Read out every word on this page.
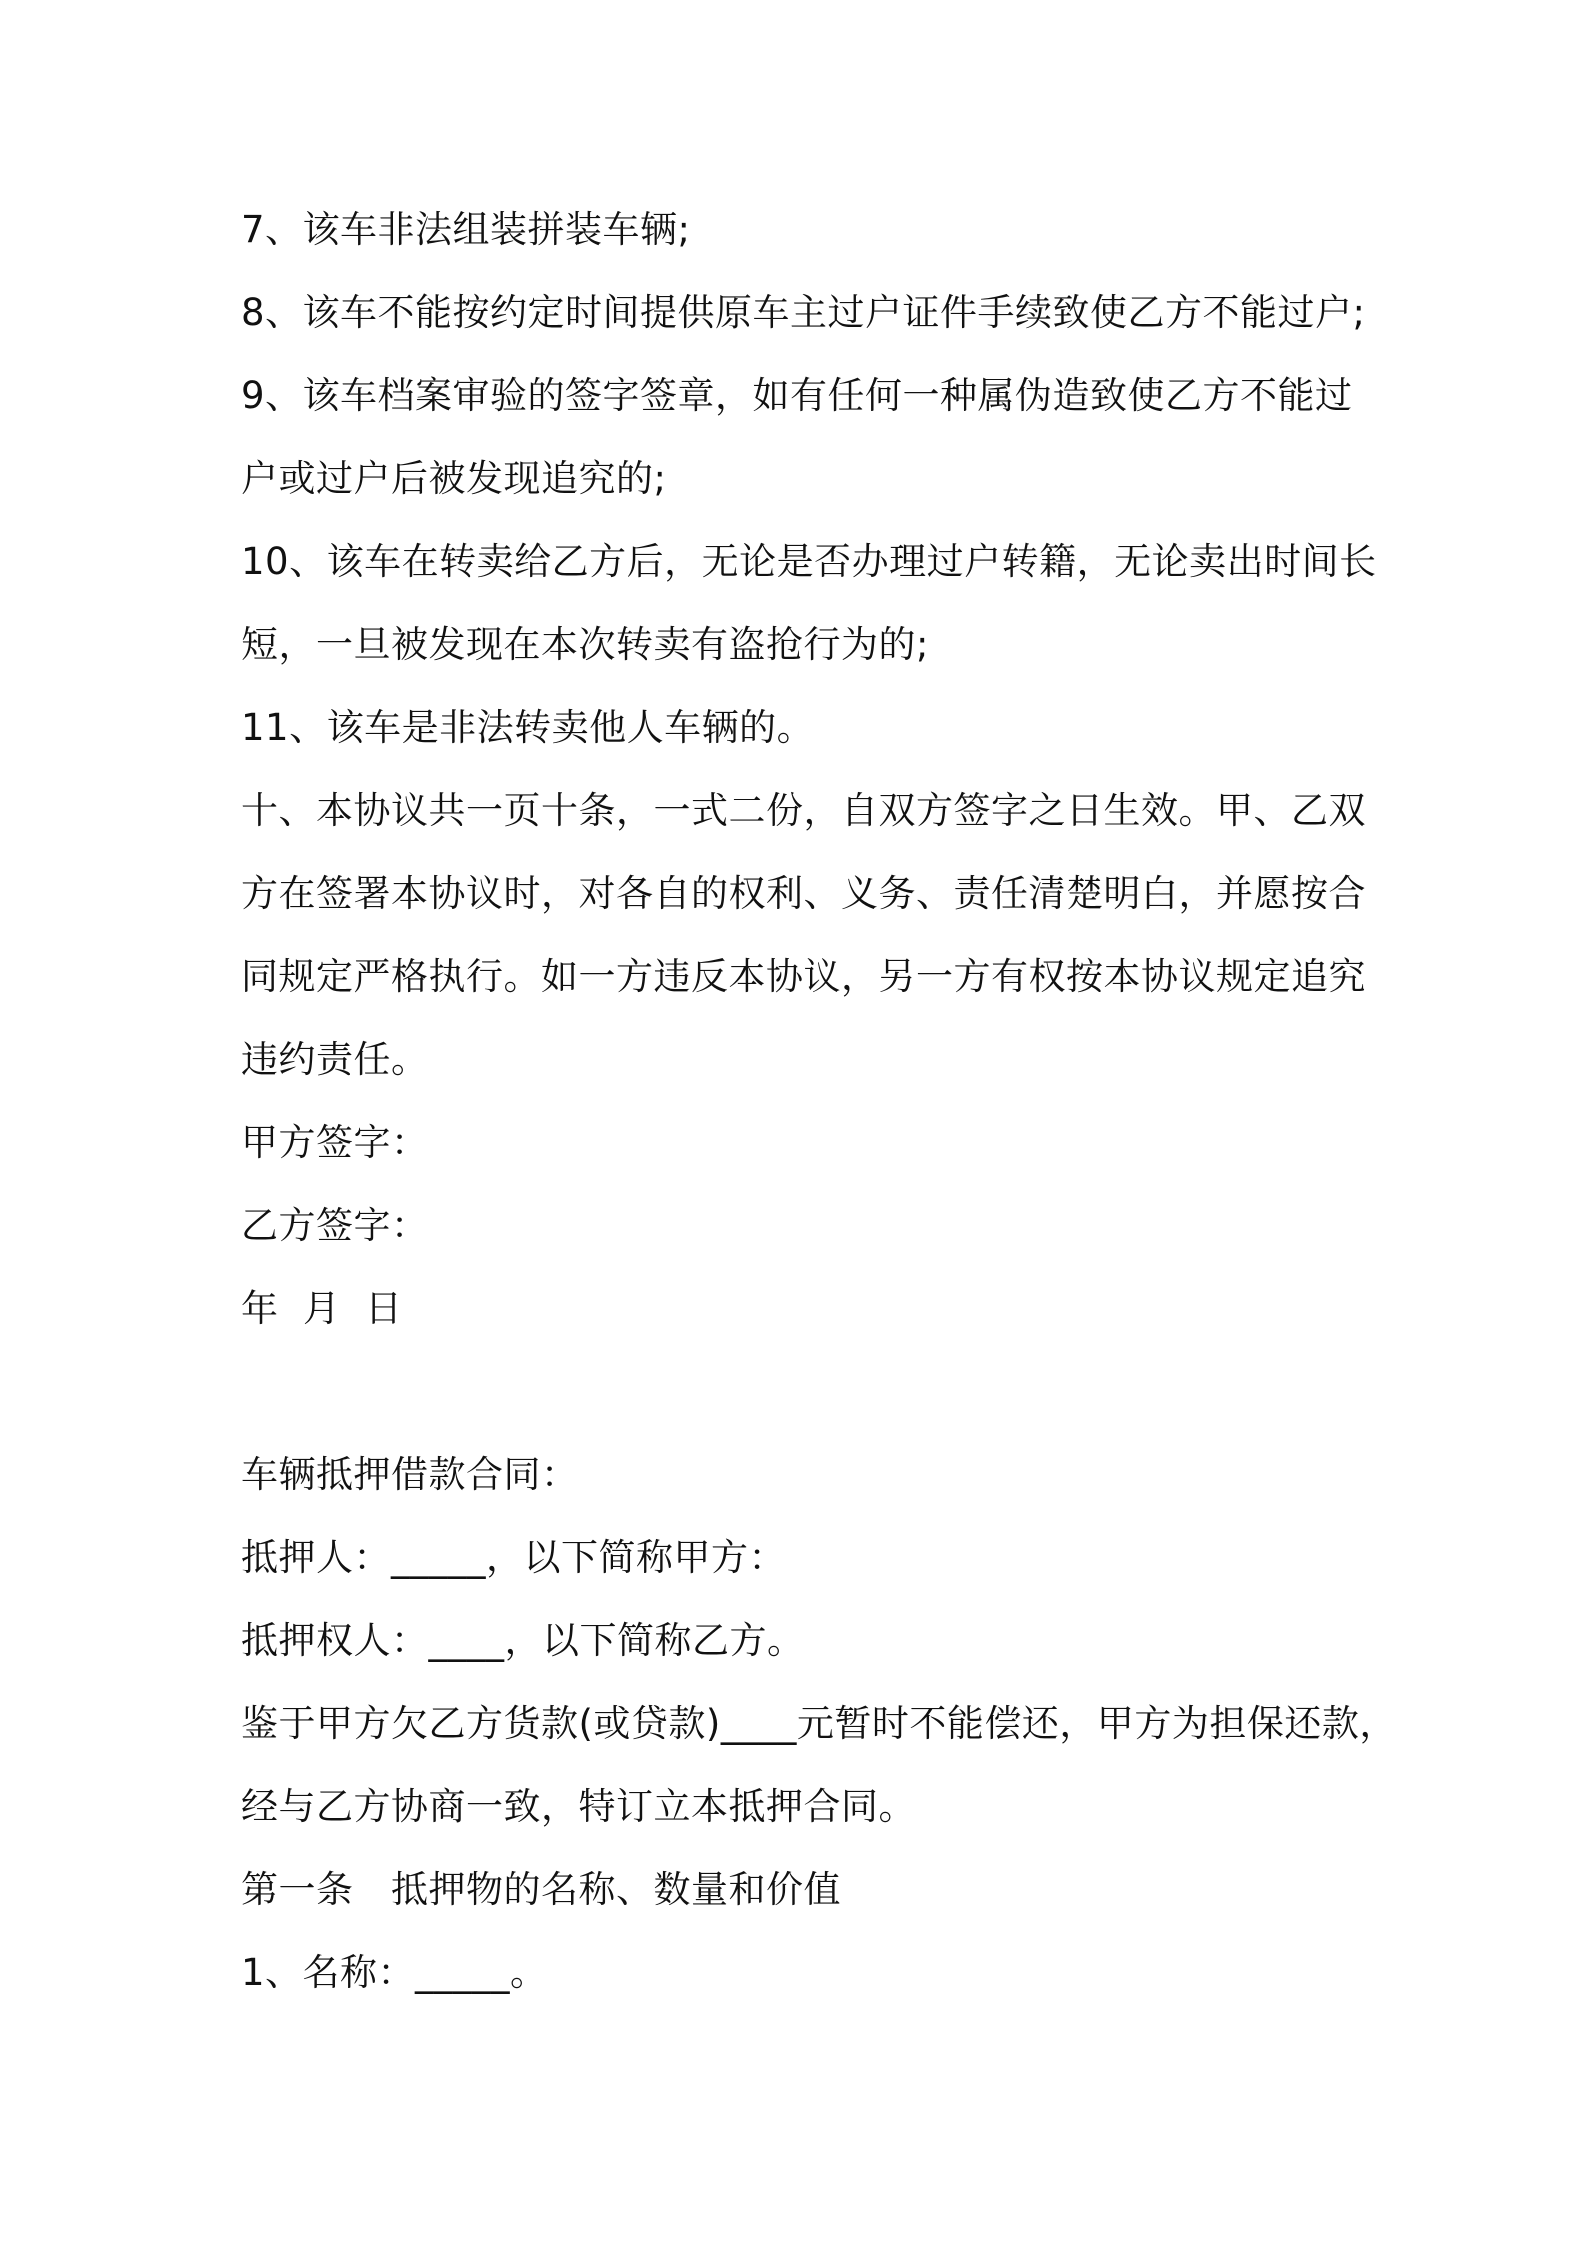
7、该车非法组装拼装车辆;
8、该车不能按约定时间提供原车主过户证件手续致使乙方不能过户;
9、该车档案审验的签字签章，如有任何一种属伪造致使乙方不能过
户或过户后被发现追究的;
10、该车在转卖给乙方后，无论是否办理过户转籍，无论卖出时间长
短，一旦被发现在本次转卖有盗抢行为的;
11、该车是非法转卖他人车辆的。
十、本协议共一页十条，一式二份，自双方签字之日生效。甲、乙双
方在签署本协议时，对各自的权利、义务、责任清楚明白，并愿按合
同规定严格执行。如一方违反本协议，另一方有权按本协议规定追究
违约责任。
甲方签字：
乙方签字：
年  月  日
车辆抵押借款合同：
抵押人：_____，以下简称甲方：
抵押权人：____，以下简称乙方。
鉴于甲方欠乙方货款(或贷款)____元暂时不能偿还，甲方为担保还款，
经与乙方协商一致，特订立本抵押合同。
第一条　抵押物的名称、数量和价值
1、名称：_____。
